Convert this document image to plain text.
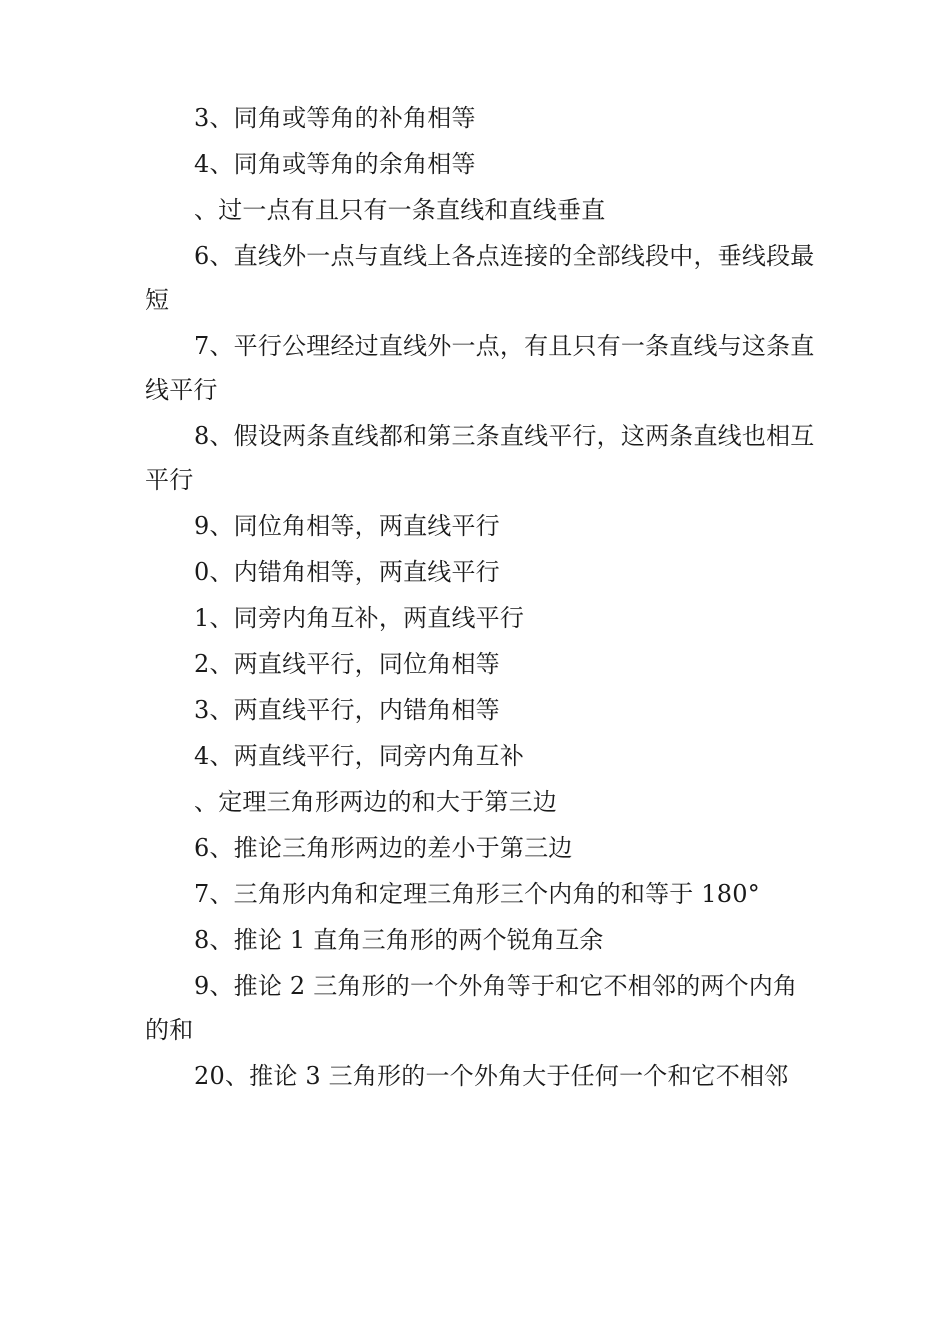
3、同角或等角的补角相等

4、同角或等角的余角相等

、过一点有且只有一条直线和直线垂直

6、直线外一点与直线上各点连接的全部线段中，垂线段最短

7、平行公理经过直线外一点，有且只有一条直线与这条直线平行

8、假设两条直线都和第三条直线平行，这两条直线也相互平行

9、同位角相等，两直线平行

0、内错角相等，两直线平行

1、同旁内角互补，两直线平行

2、两直线平行，同位角相等

3、两直线平行，内错角相等

4、两直线平行，同旁内角互补

、定理三角形两边的和大于第三边

6、推论三角形两边的差小于第三边

7、三角形内角和定理三角形三个内角的和等于 180°

8、推论 1 直角三角形的两个锐角互余

9、推论 2 三角形的一个外角等于和它不相邻的两个内角的和

20、推论 3 三角形的一个外角大于任何一个和它不相邻
